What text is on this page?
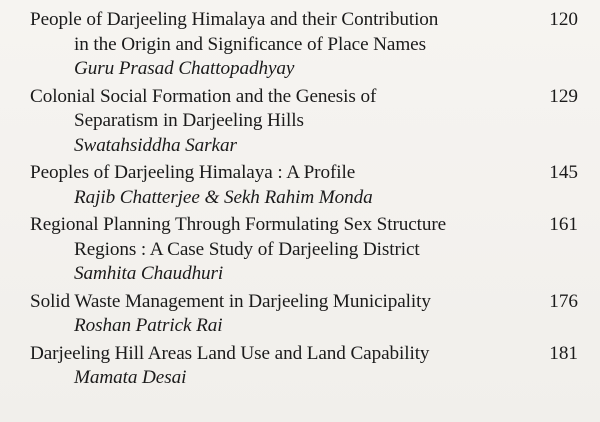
People of Darjeeling Himalaya and their Contribution
in the Origin and Significance of Place Names
Guru Prasad Chattopadhyay
120
Colonial Social Formation and the Genesis of
Separatism in Darjeeling Hills
Swatahsiddha Sarkar
129
Peoples of Darjeeling Himalaya : A Profile
Rajib Chatterjee & Sekh Rahim Monda
145
Regional Planning Through Formulating Sex Structure
Regions : A Case Study of Darjeeling District
Samhita Chaudhuri
161
Solid Waste Management in Darjeeling Municipality
Roshan Patrick Rai
176
Darjeeling Hill Areas Land Use and Land Capability
Mamata Desai
181
